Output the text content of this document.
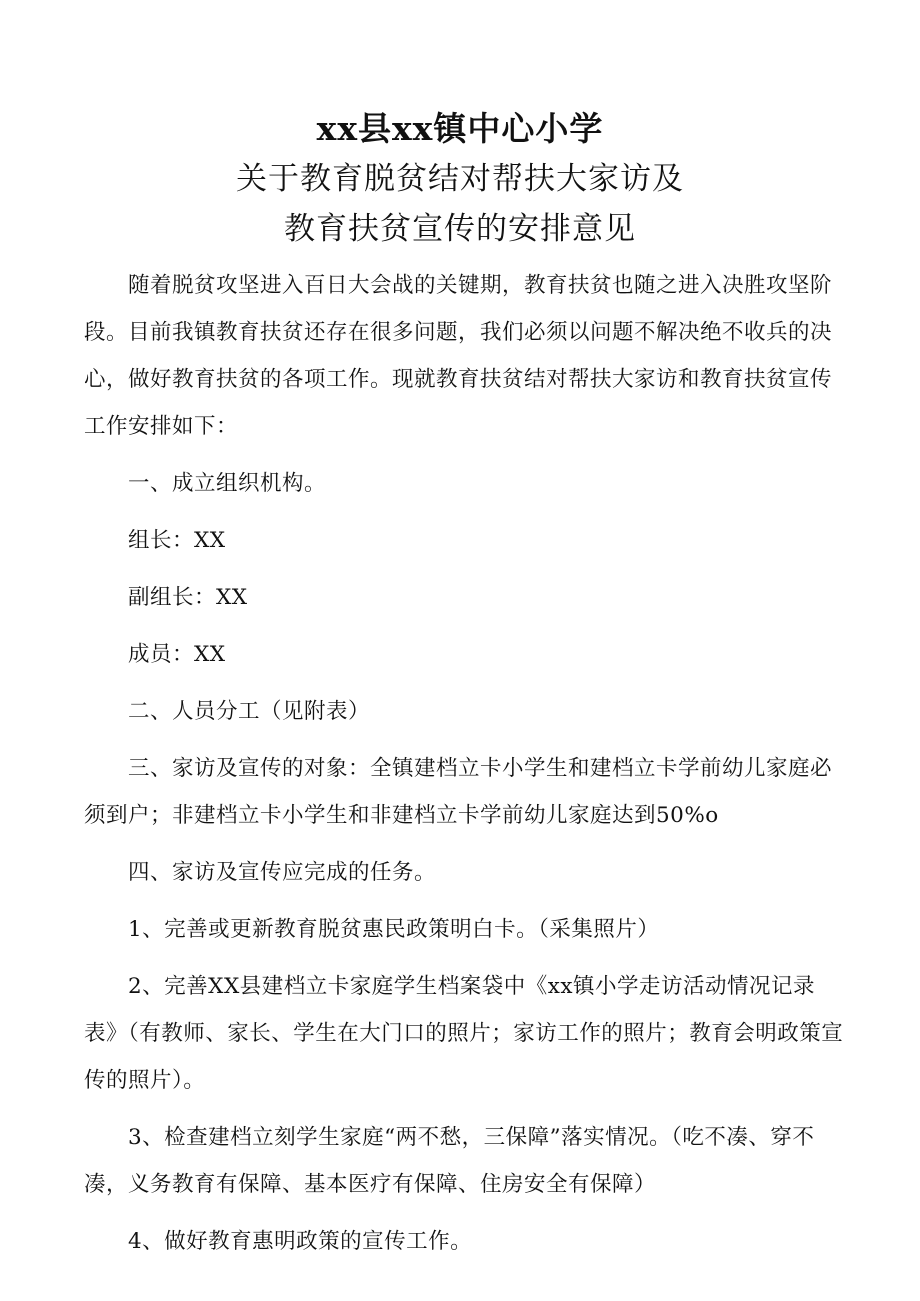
xx县xx镇中心小学
关于教育脱贫结对帮扶大家访及
教育扶贫宣传的安排意见

随着脱贫攻坚进入百日大会战的关键期，教育扶贫也随之进入决胜攻坚阶段。目前我镇教育扶贫还存在很多问题，我们必须以问题不解决绝不收兵的决心，做好教育扶贫的各项工作。现就教育扶贫结对帮扶大家访和教育扶贫宣传工作安排如下：

一、成立组织机构。

组长：XX

副组长：XX

成员：XX

二、人员分工（见附表）

三、家访及宣传的对象：全镇建档立卡小学生和建档立卡学前幼儿家庭必须到户；非建档立卡小学生和非建档立卡学前幼儿家庭达到50%o

四、家访及宣传应完成的任务。

1、完善或更新教育脱贫惠民政策明白卡。（采集照片）

2、完善XX县建档立卡家庭学生档案袋中《xx镇小学走访活动情况记录表》（有教师、家长、学生在大门口的照片；家访工作的照片；教育会明政策宣传的照片）。

3、检查建档立刻学生家庭“两不愁，三保障”落实情况。（吃不凑、穿不凑，义务教育有保障、基本医疗有保障、住房安全有保障）

4、做好教育惠明政策的宣传工作。
